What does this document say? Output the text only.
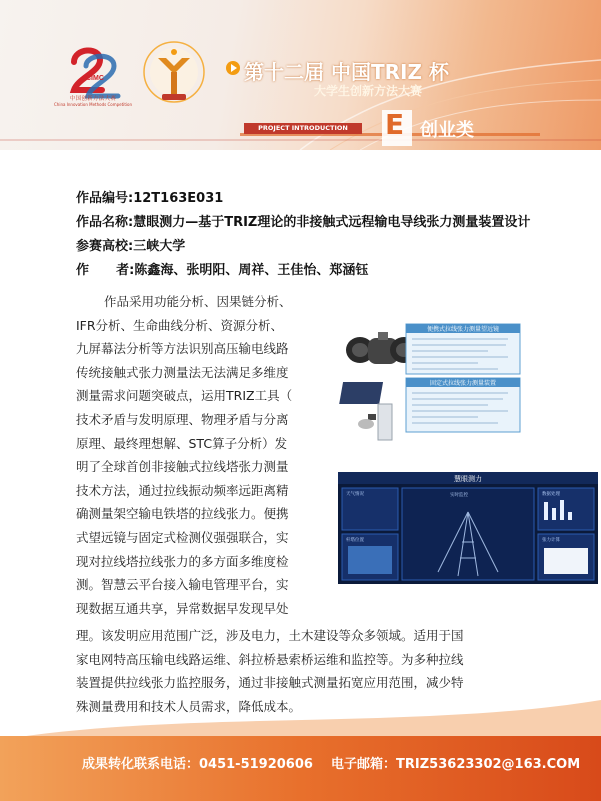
CIMC
中国创新方法大赛
China Innovation Methods Competition
第十二届 中国TRIZ 杯
大学生创新方法大赛
PROJECT INTRODUCTION	E 创业类
作品编号:12T163E031
作品名称:慧眼测力—基于TRIZ理论的非接触式远程输电导线张力测量装置设计
参赛高校:三峡大学
作      者:陈鑫海、张明阳、周祥、王佳怡、郑涵钰
作品采用功能分析、因果链分析、
IFR分析、生命曲线分析、资源分析、
九屏幕法分析等方法识别高压输电线路
传统接触式张力测量法无法满足多维度
测量需求问题突破点，运用TRIZ工具（
技术矛盾与发明原理、物理矛盾与分离
原理、最终理想解、STC算子分析）发
明了全球首创非接触式拉线塔张力测量
技术方法，通过拉线振动频率远距离精
确测量架空输电铁塔的拉线张力。便携
式望远镜与固定式检测仪强强联合，实
现对拉线塔拉线张力的多方面多维度检
测。智慧云平台接入输电管理平台，实
现数据互通共享，异常数据早发现早处
理。该发明应用范围广泛，涉及电力，土木建设等众多领域。适用于国
家电网特高压输电线路运维、斜拉桥悬索桥运维和监控等。为多种拉线
装置提供拉线张力监控服务，通过非接触式测量拓宽应用范围，减少特
殊测量费用和技术人员需求，降低成本。
便携式拉线张力测量望远镜
固定式拉线张力测量装置
慧眼测力
天气情况
杆塔位置
实时监控	数据处理
张力计算
成果转化联系电话：0451-51920606    电子邮箱：TRIZ53623302@163.COM
